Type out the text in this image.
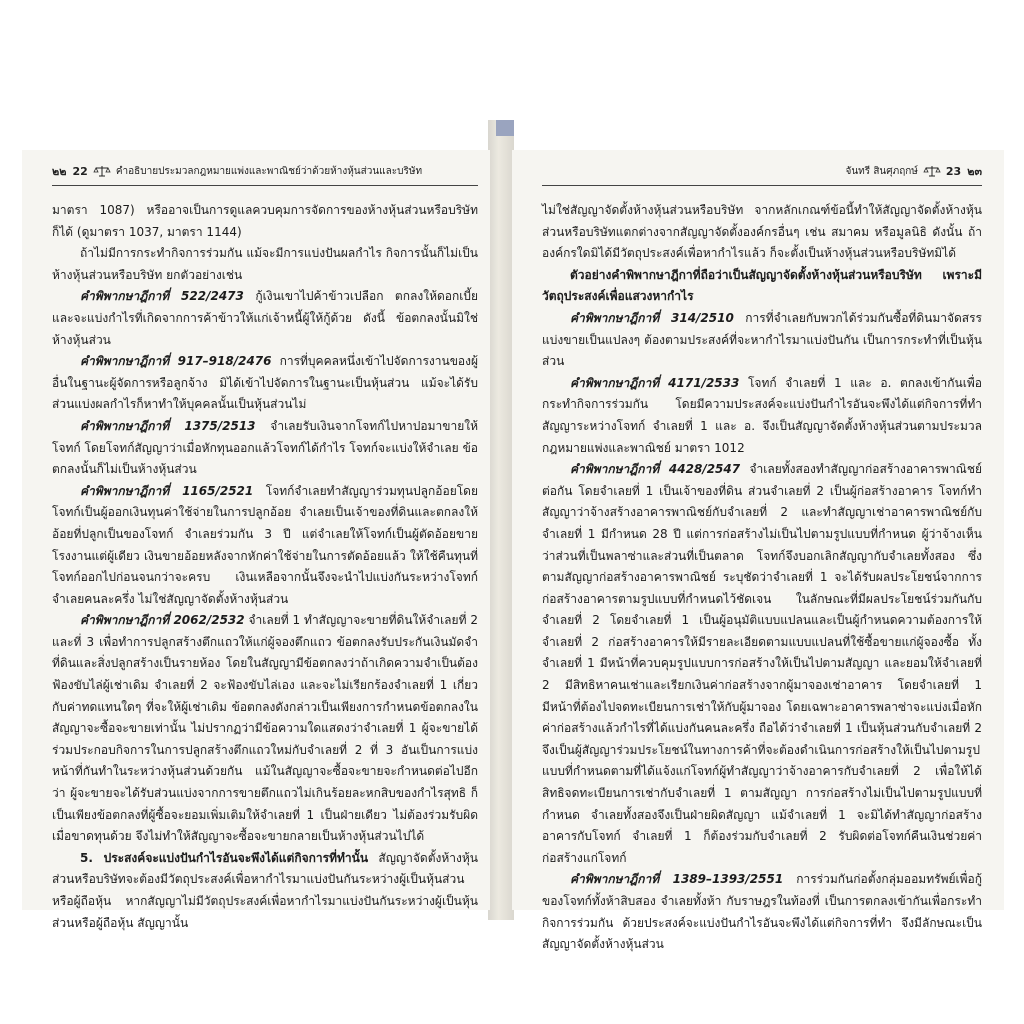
๒๒ 22	คำอธิบายประมวลกฎหมายแพ่งและพาณิชย์ว่าด้วยห้างหุ้นส่วนและบริษัท

มาตรา 1087) หรืออาจเป็นการดูแลควบคุมการจัดการของห้างหุ้นส่วนหรือบริษัทก็ได้ (ดูมาตรา 1037, มาตรา 1144)

ถ้าไม่มีการกระทำกิจการร่วมกัน แม้จะมีการแบ่งปันผลกำไร กิจการนั้นก็ไม่เป็นห้างหุ้นส่วนหรือบริษัท ยกตัวอย่างเช่น

คำพิพากษาฎีกาที่ 522/2473 กู้เงินเขาไปค้าข้าวเปลือก ตกลงให้ดอกเบี้ย และจะแบ่งกำไรที่เกิดจากการค้าข้าวให้แก่เจ้าหนี้ผู้ให้กู้ด้วย ดังนี้ ข้อตกลงนั้นมิใช่ห้างหุ้นส่วน

คำพิพากษาฎีกาที่ 917–918/2476 การที่บุคคลหนึ่งเข้าไปจัดการงานของผู้อื่นในฐานะผู้จัดการหรือลูกจ้าง มิได้เข้าไปจัดการในฐานะเป็นหุ้นส่วน แม้จะได้รับส่วนแบ่งผลกำไรก็หาทำให้บุคคลนั้นเป็นหุ้นส่วนไม่

คำพิพากษาฎีกาที่ 1375/2513 จำเลยรับเงินจากโจทก์ไปหาปอมาขายให้โจทก์ โดยโจทก์สัญญาว่าเมื่อหักทุนออกแล้วโจทก์ได้กำไร โจทก์จะแบ่งให้จำเลย ข้อตกลงนั้นก็ไม่เป็นห้างหุ้นส่วน

คำพิพากษาฎีกาที่ 1165/2521 โจทก์จำเลยทำสัญญาร่วมทุนปลูกอ้อยโดยโจทก์เป็นผู้ออกเงินทุนค่าใช้จ่ายในการปลูกอ้อย จำเลยเป็นเจ้าของที่ดินและตกลงให้อ้อยที่ปลูกเป็นของโจทก์ จำเลยร่วมกัน 3 ปี แต่จำเลยให้โจทก์เป็นผู้ตัดอ้อยขายโรงงานแต่ผู้เดียว เงินขายอ้อยหลังจากหักค่าใช้จ่ายในการตัดอ้อยแล้ว ให้ใช้คืนทุนที่โจทก์ออกไปก่อนจนกว่าจะครบ เงินเหลือจากนั้นจึงจะนำไปแบ่งกันระหว่างโจทก์จำเลยคนละครึ่ง ไม่ใช่สัญญาจัดตั้งห้างหุ้นส่วน

คำพิพากษาฎีกาที่ 2062/2532 จำเลยที่ 1 ทำสัญญาจะขายที่ดินให้จำเลยที่ 2 และที่ 3 เพื่อทำการปลูกสร้างตึกแถวให้แก่ผู้จองตึกแถว ข้อตกลงรับประกันเงินมัดจำที่ดินและสิ่งปลูกสร้างเป็นรายห้อง โดยในสัญญามีข้อตกลงว่าถ้าเกิดความจำเป็นต้องฟ้องขับไล่ผู้เช่าเดิม จำเลยที่ 2 จะฟ้องขับไล่เอง และจะไม่เรียกร้องจำเลยที่ 1 เกี่ยวกับค่าทดแทนใดๆ ที่จะให้ผู้เช่าเดิม ข้อตกลงดังกล่าวเป็นเพียงการกำหนดข้อตกลงในสัญญาจะซื้อจะขายเท่านั้น ไม่ปรากฏว่ามีข้อความใดแสดงว่าจำเลยที่ 1 ผู้จะขายได้ร่วมประกอบกิจการในการปลูกสร้างตึกแถวใหม่กับจำเลยที่ 2 ที่ 3 อันเป็นการแบ่งหน้าที่กันทำในระหว่างหุ้นส่วนด้วยกัน แม้ในสัญญาจะซื้อจะขายจะกำหนดต่อไปอีกว่า ผู้จะขายจะได้รับส่วนแบ่งจากการขายตึกแถวไม่เกินร้อยละหกสิบของกำไรสุทธิ ก็เป็นเพียงข้อตกลงที่ผู้ซื้อจะยอมเพิ่มเติมให้จำเลยที่ 1 เป็นฝ่ายเดียว ไม่ต้องร่วมรับผิดเมื่อขาดทุนด้วย จึงไม่ทำให้สัญญาจะซื้อจะขายกลายเป็นห้างหุ้นส่วนไปได้

5. ประสงค์จะแบ่งปันกำไรอันจะพึงได้แต่กิจการที่ทำนั้น สัญญาจัดตั้งห้างหุ้นส่วนหรือบริษัทจะต้องมีวัตถุประสงค์เพื่อหากำไรมาแบ่งปันกันระหว่างผู้เป็นหุ้นส่วนหรือผู้ถือหุ้น หากสัญญาไม่มีวัตถุประสงค์เพื่อหากำไรมาแบ่งปันกันระหว่างผู้เป็นหุ้นส่วนหรือผู้ถือหุ้น สัญญานั้น

จันทรี สินศุภฤกษ์	23 ๒๓

ไม่ใช่สัญญาจัดตั้งห้างหุ้นส่วนหรือบริษัท จากหลักเกณฑ์ข้อนี้ทำให้สัญญาจัดตั้งห้างหุ้นส่วนหรือบริษัทแตกต่างจากสัญญาจัดตั้งองค์กรอื่นๆ เช่น สมาคม หรือมูลนิธิ ดังนั้น ถ้าองค์กรใดมิได้มีวัตถุประสงค์เพื่อหากำไรแล้ว ก็จะตั้งเป็นห้างหุ้นส่วนหรือบริษัทมิได้

ตัวอย่างคำพิพากษาฎีกาที่ถือว่าเป็นสัญญาจัดตั้งห้างหุ้นส่วนหรือบริษัท เพราะมีวัตถุประสงค์เพื่อแสวงหากำไร

คำพิพากษาฎีกาที่ 314/2510 การที่จำเลยกับพวกได้ร่วมกันซื้อที่ดินมาจัดสรรแบ่งขายเป็นแปลงๆ ต้องตามประสงค์ที่จะหากำไรมาแบ่งปันกัน เป็นการกระทำที่เป็นหุ้นส่วน

คำพิพากษาฎีกาที่ 4171/2533 โจทก์ จำเลยที่ 1 และ อ. ตกลงเข้ากันเพื่อกระทำกิจการร่วมกัน โดยมีความประสงค์จะแบ่งปันกำไรอันจะพึงได้แต่กิจการที่ทำ สัญญาระหว่างโจทก์ จำเลยที่ 1 และ อ. จึงเป็นสัญญาจัดตั้งห้างหุ้นส่วนตามประมวลกฎหมายแพ่งและพาณิชย์ มาตรา 1012

คำพิพากษาฎีกาที่ 4428/2547 จำเลยทั้งสองทำสัญญาก่อสร้างอาคารพาณิชย์ต่อกัน โดยจำเลยที่ 1 เป็นเจ้าของที่ดิน ส่วนจำเลยที่ 2 เป็นผู้ก่อสร้างอาคาร โจทก์ทำสัญญาว่าจ้างสร้างอาคารพาณิชย์กับจำเลยที่ 2 และทำสัญญาเช่าอาคารพาณิชย์กับจำเลยที่ 1 มีกำหนด 28 ปี แต่การก่อสร้างไม่เป็นไปตามรูปแบบที่กำหนด ผู้ว่าจ้างเห็นว่าส่วนที่เป็นพลาซ่าและส่วนที่เป็นตลาด โจทก์จึงบอกเลิกสัญญากับจำเลยทั้งสอง ซึ่งตามสัญญาก่อสร้างอาคารพาณิชย์ ระบุชัดว่าจำเลยที่ 1 จะได้รับผลประโยชน์จากการก่อสร้างอาคารตามรูปแบบที่กำหนดไว้ชัดเจน ในลักษณะที่มีผลประโยชน์ร่วมกันกับจำเลยที่ 2 โดยจำเลยที่ 1 เป็นผู้อนุมัติแบบแปลนและเป็นผู้กำหนดความต้องการให้จำเลยที่ 2 ก่อสร้างอาคารให้มีรายละเอียดตามแบบแปลนที่ใช้ซื้อขายแก่ผู้จองซื้อ ทั้งจำเลยที่ 1 มีหน้าที่ควบคุมรูปแบบการก่อสร้างให้เป็นไปตามสัญญา และยอมให้จำเลยที่ 2 มีสิทธิหาคนเช่าและเรียกเงินค่าก่อสร้างจากผู้มาจองเช่าอาคาร โดยจำเลยที่ 1 มีหน้าที่ต้องไปจดทะเบียนการเช่าให้กับผู้มาจอง โดยเฉพาะอาคารพลาซ่าจะแบ่งเมื่อหักค่าก่อสร้างแล้วกำไรที่ได้แบ่งกันคนละครึ่ง ถือได้ว่าจำเลยที่ 1 เป็นหุ้นส่วนกับจำเลยที่ 2 จึงเป็นผู้สัญญาร่วมประโยชน์ในทางการค้าที่จะต้องดำเนินการก่อสร้างให้เป็นไปตามรูปแบบที่กำหนดตามที่ได้แจ้งแก่โจทก์ผู้ทำสัญญาว่าจ้างอาคารกับจำเลยที่ 2 เพื่อให้ได้สิทธิจดทะเบียนการเช่ากับจำเลยที่ 1 ตามสัญญา การก่อสร้างไม่เป็นไปตามรูปแบบที่กำหนด จำเลยทั้งสองจึงเป็นฝ่ายผิดสัญญา แม้จำเลยที่ 1 จะมิได้ทำสัญญาก่อสร้างอาคารกับโจทก์ จำเลยที่ 1 ก็ต้องร่วมกับจำเลยที่ 2 รับผิดต่อโจทก์คืนเงินช่วยค่าก่อสร้างแก่โจทก์

คำพิพากษาฎีกาที่ 1389–1393/2551 การร่วมกันก่อตั้งกลุ่มออมทรัพย์เพื่อกู้ของโจทก์ทั้งห้าสิบสอง จำเลยทั้งห้า กับราษฎรในท้องที่ เป็นการตกลงเข้ากันเพื่อกระทำกิจการร่วมกัน ด้วยประสงค์จะแบ่งปันกำไรอันจะพึงได้แต่กิจการที่ทำ จึงมีลักษณะเป็นสัญญาจัดตั้งห้างหุ้นส่วน
